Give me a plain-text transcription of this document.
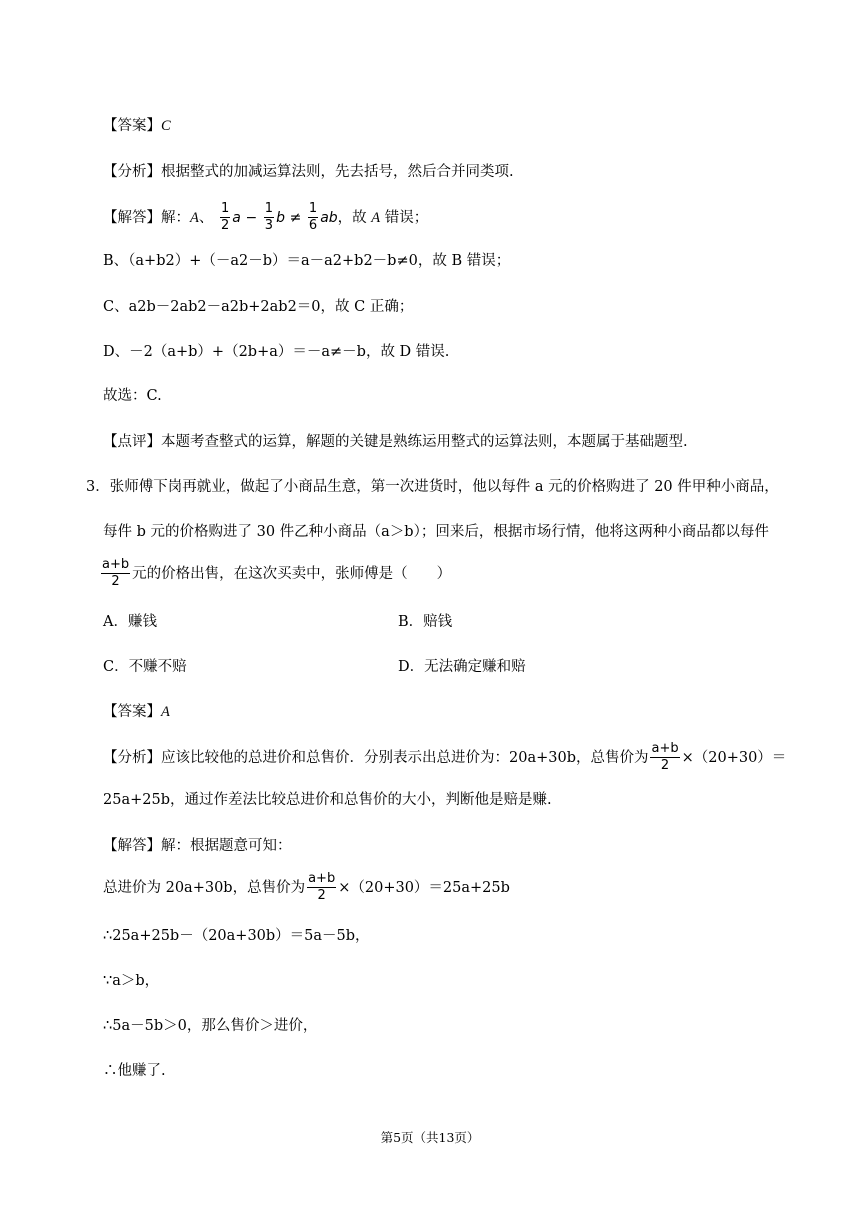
【答案】C
【分析】根据整式的加减运算法则，先去括号，然后合并同类项.
【解答】解：A、 $\frac{1}{2}$ $a - \frac{1}{3}$ $b \ne \frac{1}{6}$ ab，故 A 错误；
B、（a+b2）+（－a2－b）＝a－a2+b2－b≠0，故 B 错误；
C、a2b－2ab2－a2b+2ab2＝0，故 C 正确；
D、－2（a+b）+（2b+a）＝－a≠－b，故 D 错误.
故选：C.
【点评】本题考查整式的运算，解题的关键是熟练运用整式的运算法则，本题属于基础题型.
3．张师傅下岗再就业，做起了小商品生意，第一次进货时，他以每件 a 元的价格购进了 20 件甲种小商品，
每件 b 元的价格购进了 30 件乙种小商品（a＞b）；回来后，根据市场行情，他将这两种小商品都以每件
$\frac{a+b}{2}$ 元的价格出售，在这次买卖中，张师傅是（　　）
A．赚钱	B．赔钱
C．不赚不赔	D．无法确定赚和赔
【答案】A
【分析】应该比较他的总进价和总售价．分别表示出总进价为：20a+30b，总售价为 $\frac{a+b}{2} \times(20+30)=$
25a+25b，通过作差法比较总进价和总售价的大小，判断他是赔是赚.
【解答】解：根据题意可知：
总进价为 20a+30b，总售价为 $\frac{a+b}{2} \times(20+30)=25a+25b$
∴25a+25b－（20a+30b）＝5a－5b，
∵a＞b，
∴5a－5b＞0，那么售价＞进价，
∴他赚了.
第5页（共13页）
